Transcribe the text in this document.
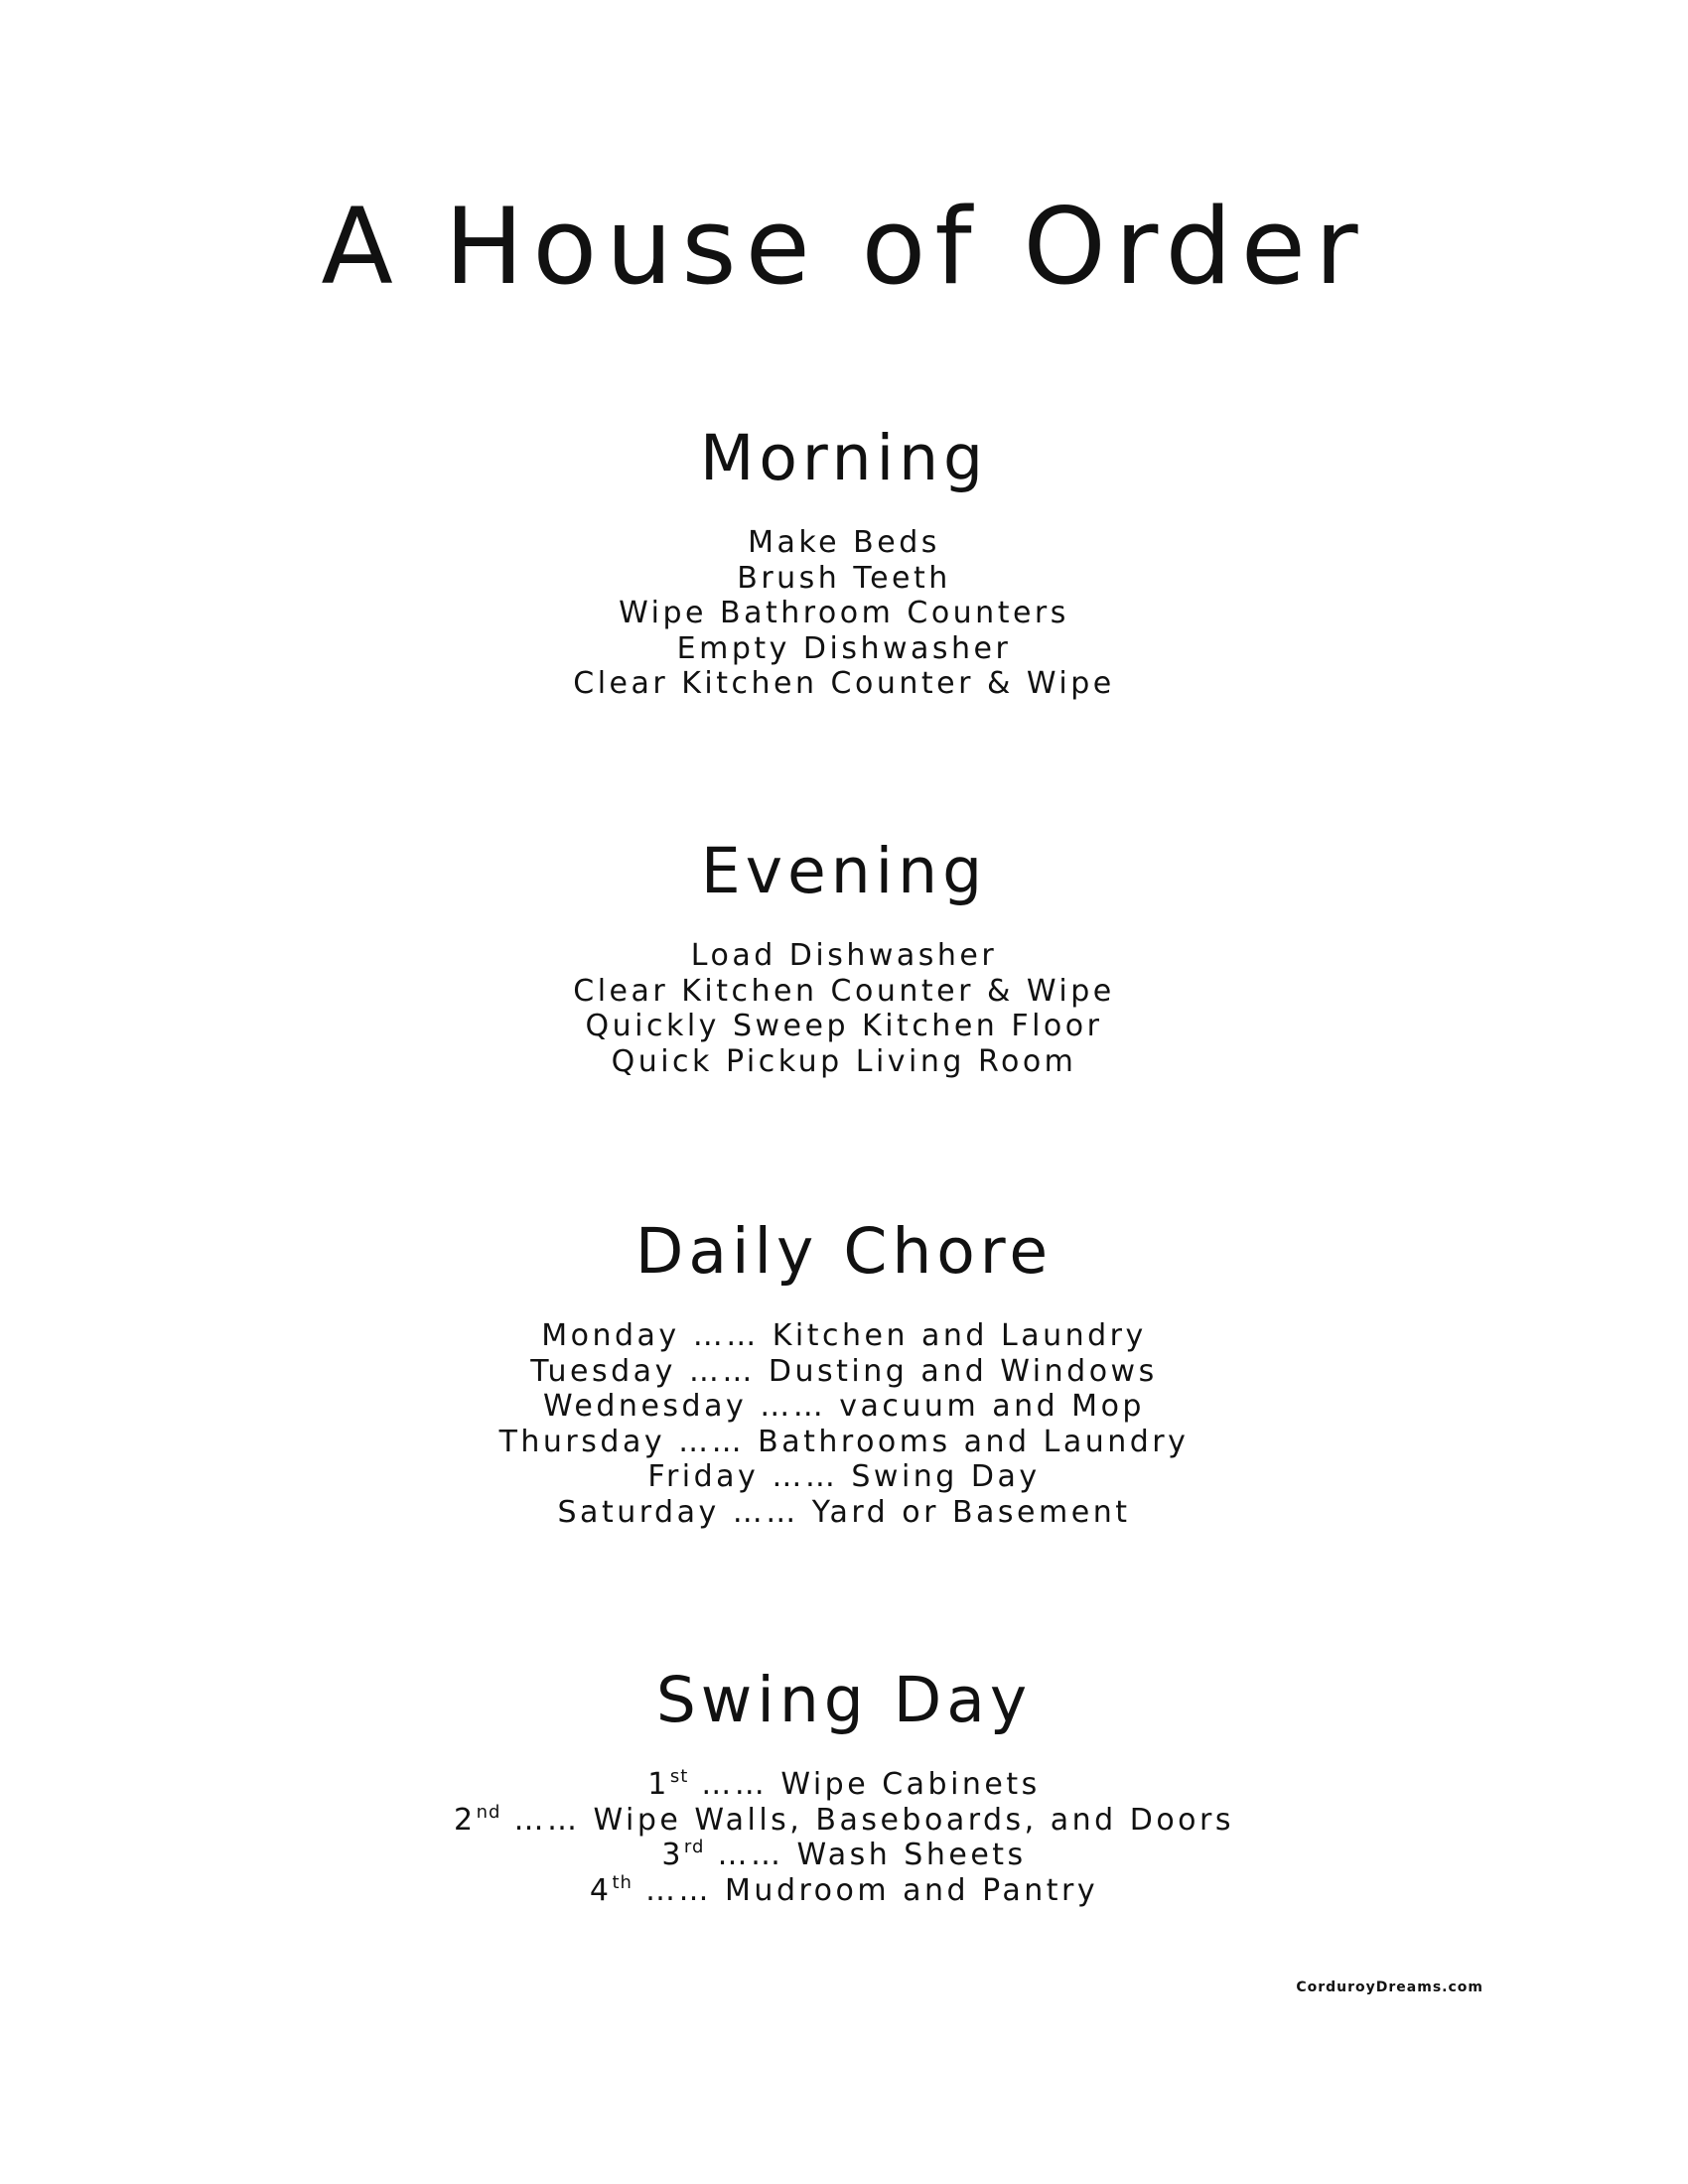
A House of Order
Morning
Make Beds
Brush Teeth
Wipe Bathroom Counters
Empty Dishwasher
Clear Kitchen Counter & Wipe
Evening
Load Dishwasher
Clear Kitchen Counter & Wipe
Quickly Sweep Kitchen Floor
Quick Pickup Living Room
Daily Chore
Monday …… Kitchen and Laundry
Tuesday …… Dusting and Windows
Wednesday …… vacuum and Mop
Thursday …… Bathrooms and Laundry
Friday …… Swing Day
Saturday …… Yard or Basement
Swing Day
1st …… Wipe Cabinets
2nd …… Wipe Walls, Baseboards, and Doors
3rd …… Wash Sheets
4th …… Mudroom and Pantry
CorduroyDreams.com
